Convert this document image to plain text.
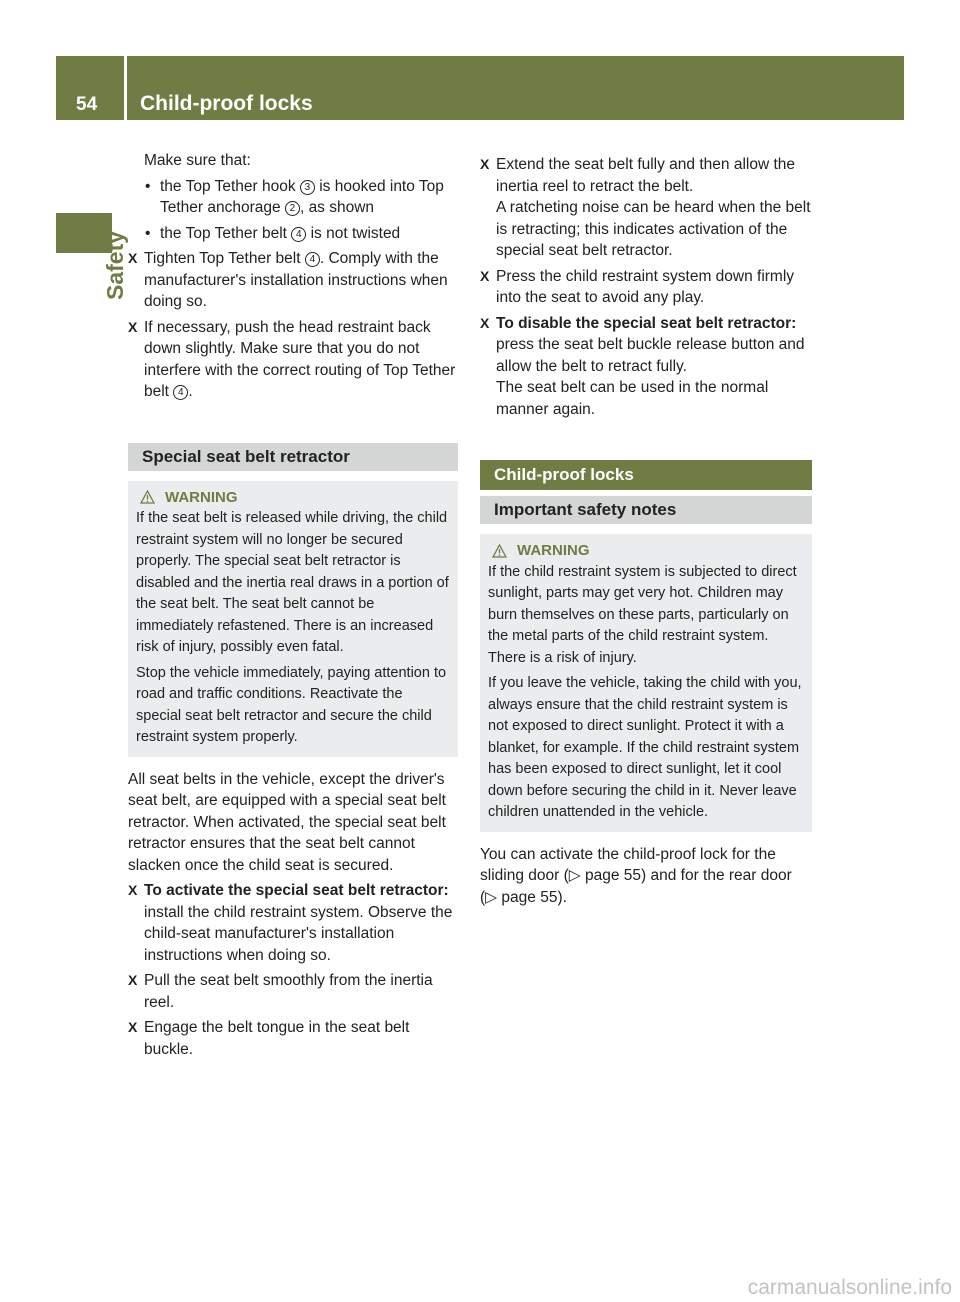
54 Child-proof locks
Safety

Make sure that:

• the Top Tether hook 3 is hooked into Top Tether anchorage 2 , as shown
• the Top Tether belt 4 is not twisted
X Tighten Top Tether belt 4 . Comply with the manufacturer's installation instructions when doing so.
X If necessary, push the head restraint back down slightly. Make sure that you do not interfere with the correct routing of Top Tether belt 4 .
Special seat belt retractor
WARNING

If the seat belt is released while driving, the child restraint system will no longer be secured properly. The special seat belt retractor is disabled and the inertia real draws in a portion of the seat belt. The seat belt cannot be immediately refastened. There is an increased risk of injury, possibly even fatal.

Stop the vehicle immediately, paying attention to road and traffic conditions. Reactivate the special seat belt retractor and secure the child restraint system properly.

All seat belts in the vehicle, except the driver's seat belt, are equipped with a special seat belt retractor. When activated, the special seat belt retractor ensures that the seat belt cannot slacken once the child seat is secured.

X To activate the special seat belt retractor: install the child restraint system. Observe the child-seat manufacturer's installation instructions when doing so.
X Pull the seat belt smoothly from the inertia reel.
X Engage the belt tongue in the seat belt buckle.
X Extend the seat belt fully and then allow the inertia reel to retract the belt.

A ratcheting noise can be heard when the belt is retracting; this indicates activation of the special seat belt retractor.

X Press the child restraint system down firmly into the seat to avoid any play.
X To disable the special seat belt retractor: press the seat belt buckle release button and allow the belt to retract fully.

The seat belt can be used in the normal manner again.

Child-proof locks
Important safety notes
WARNING

If the child restraint system is subjected to direct sunlight, parts may get very hot. Children may burn themselves on these parts, particularly on the metal parts of the child restraint system. There is a risk of injury.

If you leave the vehicle, taking the child with you, always ensure that the child restraint system is not exposed to direct sunlight. Protect it with a blanket, for example. If the child restraint system has been exposed to direct sunlight, let it cool down before securing the child in it. Never leave children unattended in the vehicle.

You can activate the child-proof lock for the sliding door (▷ page 55) and for the rear door (▷ page 55).

carmanualsonline.info
